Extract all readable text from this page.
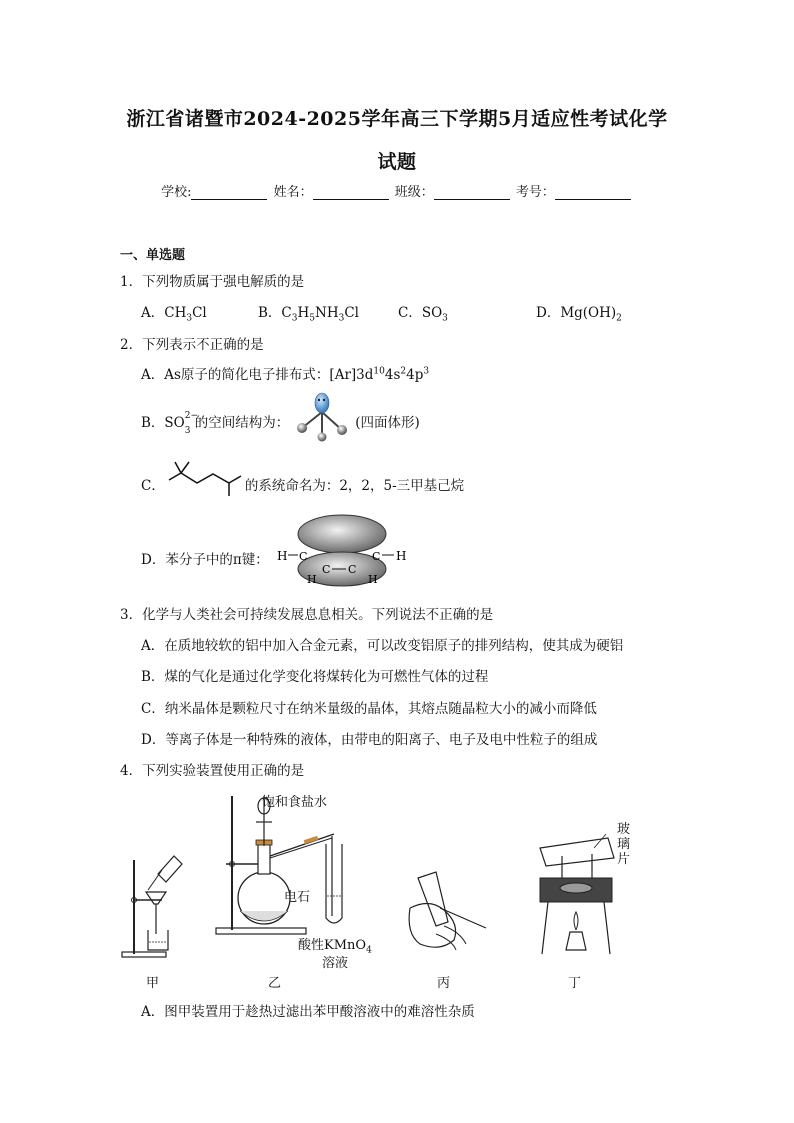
浙江省诸暨市2024-2025学年高三下学期5月适应性考试化学
试题
学校:	姓名：	班级：	考号：
一、单选题
1．下列物质属于强电解质的是
A．$CH_3Cl$	B．$C_3H_5NH_3Cl$	C．$SO_3$	D．$Mg(OH)_2$
2．下列表示不正确的是
A．As原子的简化电子排布式：$[Ar]3d^{10}4s^24p^3$
B．SO 2−
3 的空间结构为：	(四面体形)
C．	的系统命名为：2，2，5-三甲基己烷
D．苯分子中的π键： H C
C C
C H
H	H
3．化学与人类社会可持续发展息息相关。下列说法不正确的是
A．在质地较软的铝中加入合金元素，可以改变铝原子的排列结构，使其成为硬铝
B．煤的气化是通过化学变化将煤转化为可燃性气体的过程
C．纳米晶体是颗粒尺寸在纳米量级的晶体，其熔点随晶粒大小的减小而降低
D．等离子体是一种特殊的液体，由带电的阳离子、电子及电中性粒子的组成
4．下列实验装置使用正确的是
甲
饱和食盐水
电石
酸性KMnO$_4$
溶液
乙	丙
玻
璃
片
丁
A．图甲装置用于趁热过滤出苯甲酸溶液中的难溶性杂质
